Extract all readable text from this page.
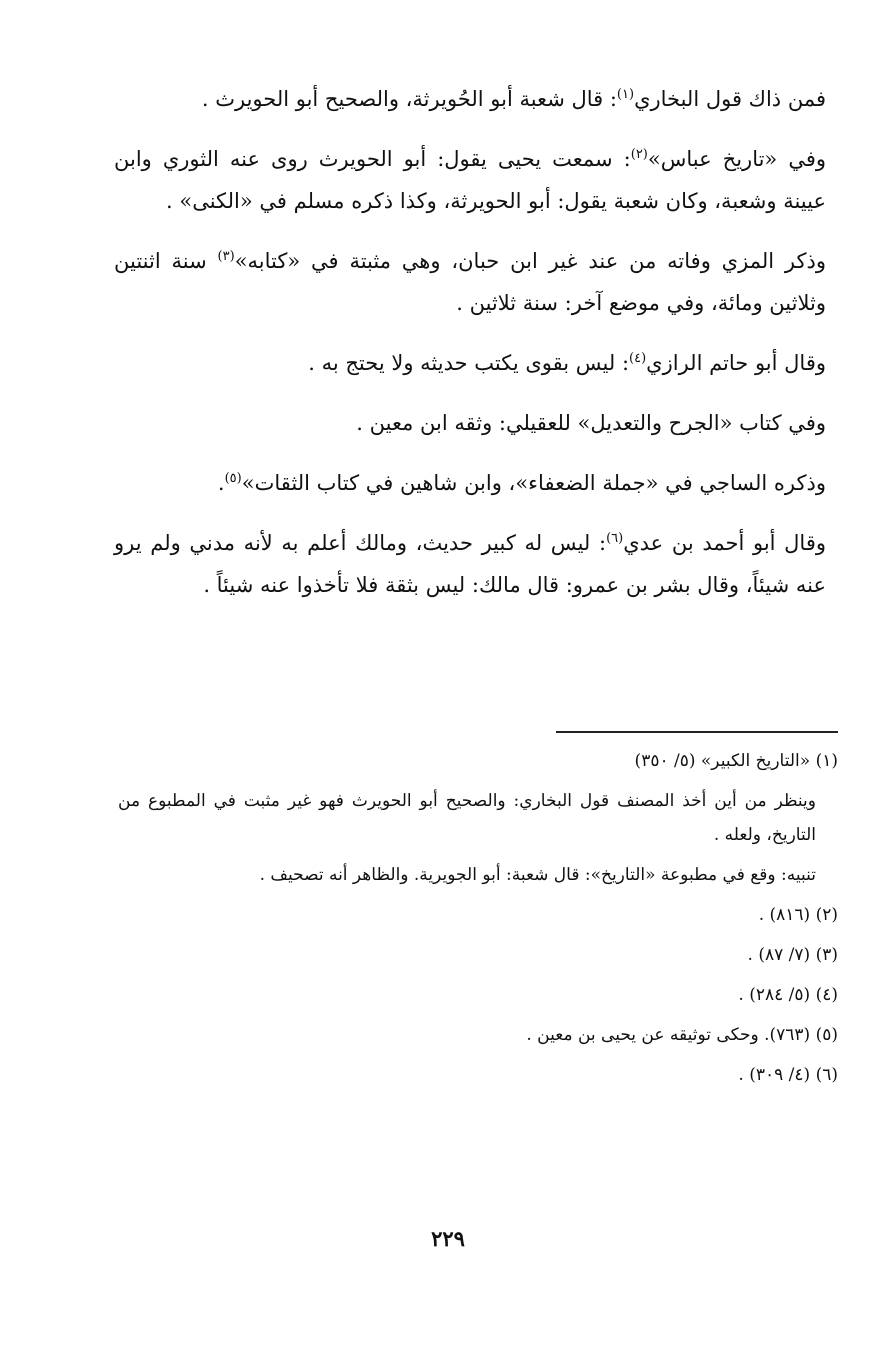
فمن ذاك قول البخاري$^{(١)}$: قال شعبة أبو الحُويرثة، والصحيح أبو الحويرث .

وفي «تاريخ عباس»$^{(٢)}$: سمعت يحيى يقول: أبو الحويرث روى عنه الثوري وابن عيينة وشعبة، وكان شعبة يقول: أبو الحويرثة، وكذا ذكره مسلم في «الكنى» .

وذكر المزي وفاته من عند غير ابن حبان، وهي مثبتة في «كتابه»$^{(٣)}$ سنة اثنتين وثلاثين ومائة، وفي موضع آخر: سنة ثلاثين .

وقال أبو حاتم الرازي$^{(٤)}$: ليس بقوى يكتب حديثه ولا يحتج به .

وفي كتاب «الجرح والتعديل» للعقيلي: وثقه ابن معين .

وذكره الساجي في «جملة الضعفاء»، وابن شاهين في كتاب الثقات»$^{(٥)}$.

وقال أبو أحمد بن عدي$^{(٦)}$: ليس له كبير حديث، ومالك أعلم به لأنه مدني ولم يرو عنه شيئاً، وقال بشر بن عمرو: قال مالك: ليس بثقة فلا تأخذوا عنه شيئاً .

(١) «التاريخ الكبير» (٥/ ٣٥٠)

وينظر من أين أخذ المصنف قول البخاري: والصحيح أبو الحويرث فهو غير مثبت في المطبوع من التاريخ، ولعله .

تنبيه: وقع في مطبوعة «التاريخ»: قال شعبة: أبو الجويرية. والظاهر أنه تصحيف .

(٢) (٨١٦) .

(٣) (٧/ ٨٧) .

(٤) (٥/ ٢٨٤) .

(٥) (٧٦٣). وحكى توثيقه عن يحيى بن معين .

(٦) (٤/ ٣٠٩) .

٢٢٩
